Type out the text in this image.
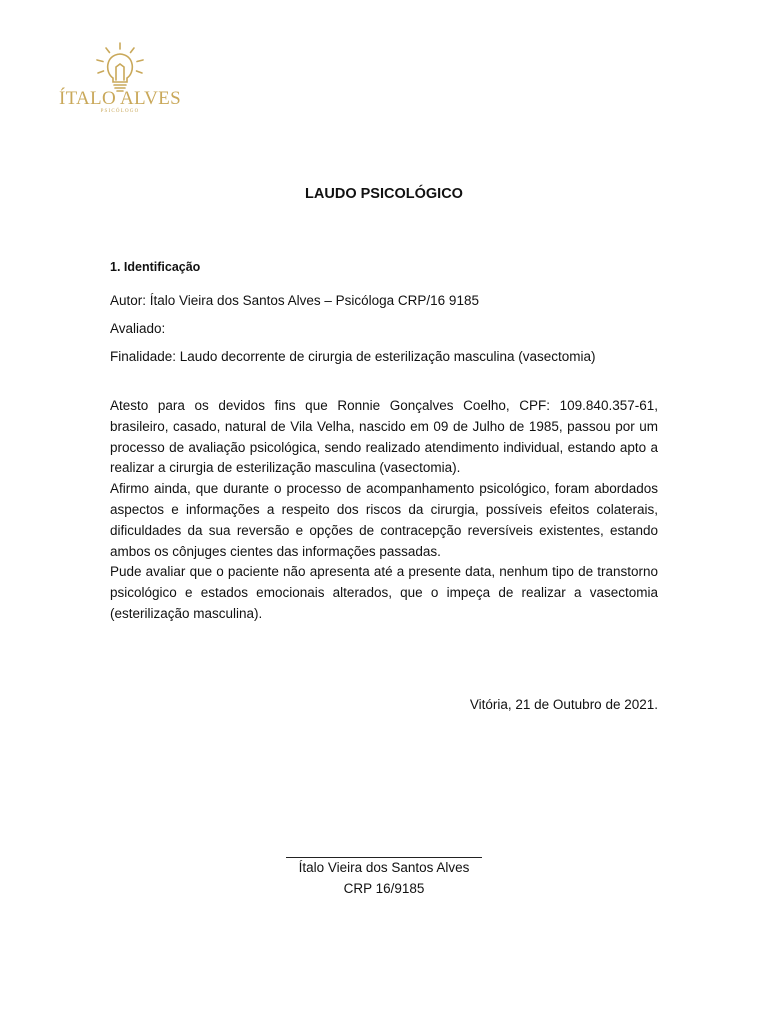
ÍTALO ALVES
PSICÓLOGO
LAUDO PSICOLÓGICO
1. Identificação
Autor: Ítalo Vieira dos Santos Alves – Psicóloga CRP/16 9185
Avaliado:
Finalidade: Laudo decorrente de cirurgia de esterilização masculina (vasectomia)

Atesto para os devidos fins que Ronnie Gonçalves Coelho, CPF: 109.840.357-61, brasileiro, casado, natural de Vila Velha, nascido em 09 de Julho de 1985, passou por um processo de avaliação psicológica, sendo realizado atendimento individual, estando apto a realizar a cirurgia de esterilização masculina (vasectomia).

Afirmo ainda, que durante o processo de acompanhamento psicológico, foram abordados aspectos e informações a respeito dos riscos da cirurgia, possíveis efeitos colaterais, dificuldades da sua reversão e opções de contracepção reversíveis existentes, estando ambos os cônjuges cientes das informações passadas.

Pude avaliar que o paciente não apresenta até a presente data, nenhum tipo de transtorno psicológico e estados emocionais alterados, que o impeça de realizar a vasectomia (esterilização masculina).

Vitória, 21 de Outubro de 2021.
Ítalo Vieira dos Santos Alves
CRP 16/9185
